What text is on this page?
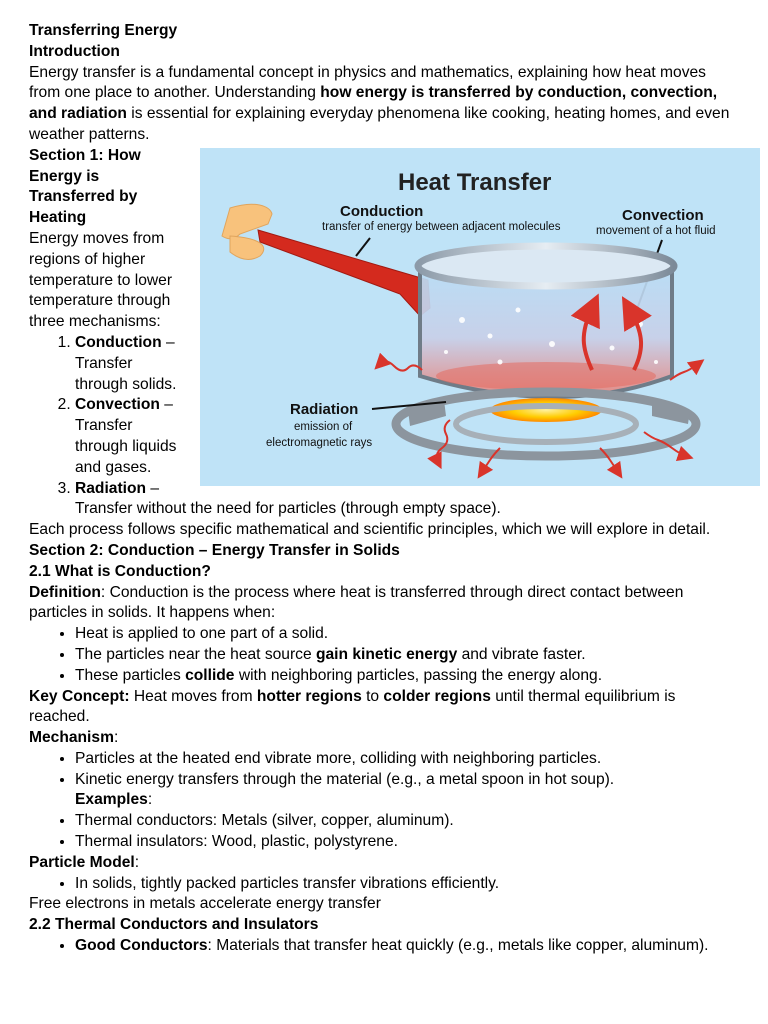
Transferring Energy

Introduction

Energy transfer is a fundamental concept in physics and mathematics, explaining how heat moves from one place to another. Understanding how energy is transferred by conduction, convection, and radiation is essential for explaining everyday phenomena like cooking, heating homes, and even weather patterns.

Heat Transfer
Conduction
transfer of energy between adjacent molecules
Convection
movement of a hot fluid
Radiation
emission of
electromagnetic rays

Section 1: How Energy is Transferred by Heating

Energy moves from regions of higher temperature to lower temperature through three mechanisms:

1. Conduction – Transfer through solids.
2. Convection – Transfer through liquids and gases.
3. Radiation – Transfer without the need for particles (through empty space).

Each process follows specific mathematical and scientific principles, which we will explore in detail.

Section 2: Conduction – Energy Transfer in Solids

2.1 What is Conduction?

Definition: Conduction is the process where heat is transferred through direct contact between particles in solids. It happens when:

• Heat is applied to one part of a solid.
• The particles near the heat source gain kinetic energy and vibrate faster.
• These particles collide with neighboring particles, passing the energy along.

Key Concept: Heat moves from hotter regions to colder regions until thermal equilibrium is reached.

Mechanism:

• Particles at the heated end vibrate more, colliding with neighboring particles.
• Kinetic energy transfers through the material (e.g., a metal spoon in hot soup).
Examples:
• Thermal conductors: Metals (silver, copper, aluminum).
• Thermal insulators: Wood, plastic, polystyrene.

Particle Model:

• In solids, tightly packed particles transfer vibrations efficiently.

Free electrons in metals accelerate energy transfer

2.2 Thermal Conductors and Insulators

• Good Conductors: Materials that transfer heat quickly (e.g., metals like copper, aluminum).
